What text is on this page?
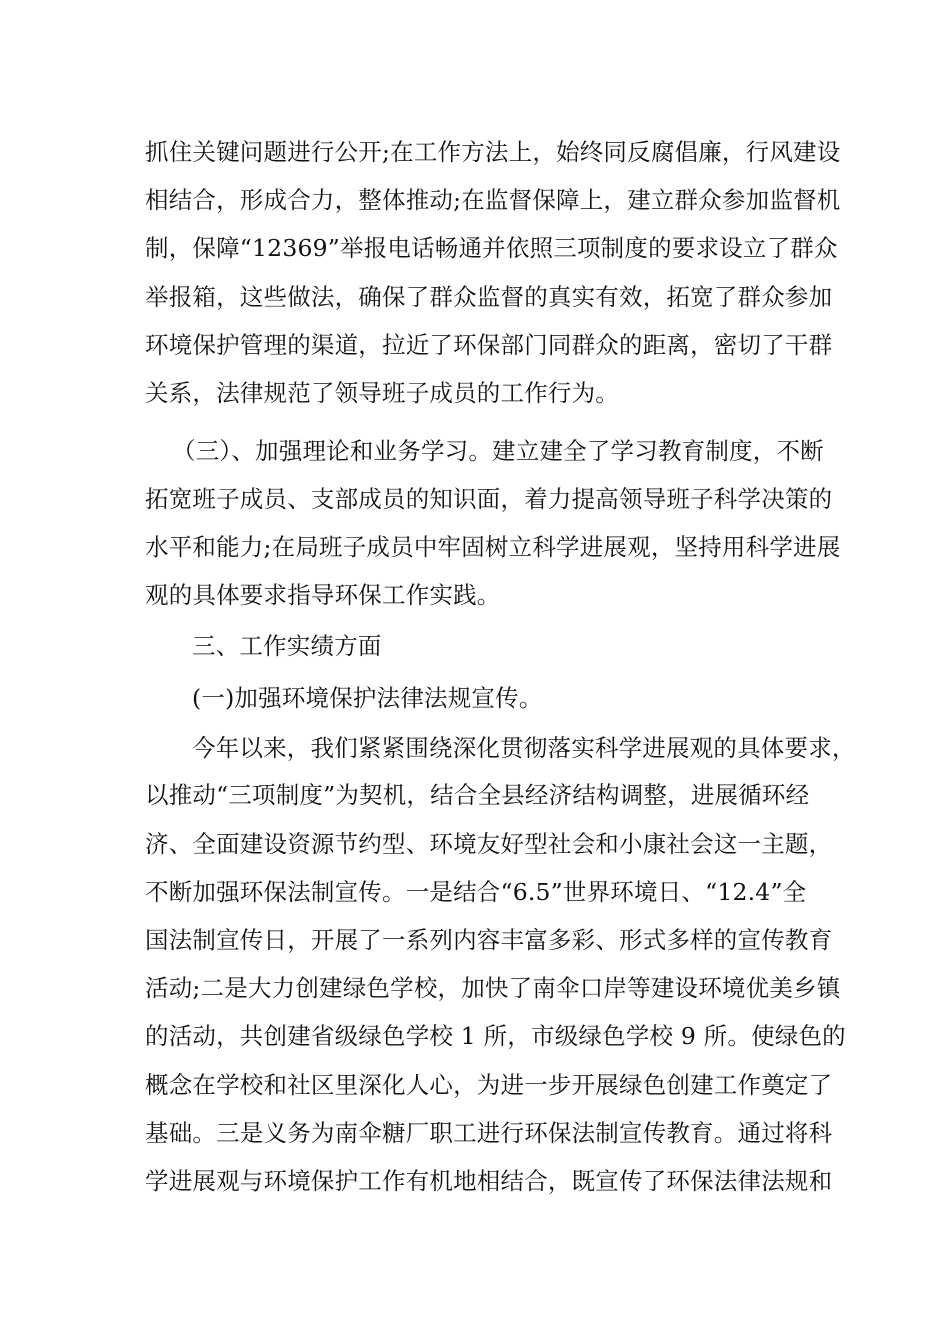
抓住关键问题进行公开;在工作方法上，始终同反腐倡廉，行风建设
相结合，形成合力，整体推动;在监督保障上，建立群众参加监督机
制，保障“12369”举报电话畅通并依照三项制度的要求设立了群众
举报箱，这些做法，确保了群众监督的真实有效，拓宽了群众参加
环境保护管理的渠道，拉近了环保部门同群众的距离，密切了干群
关系，法律规范了领导班子成员的工作行为。
（三）、加强理论和业务学习。建立建全了学习教育制度，不断
拓宽班子成员、支部成员的知识面，着力提高领导班子科学决策的
水平和能力;在局班子成员中牢固树立科学进展观，坚持用科学进展
观的具体要求指导环保工作实践。
三、工作实绩方面
(一)加强环境保护法律法规宣传。
今年以来，我们紧紧围绕深化贯彻落实科学进展观的具体要求，
以推动“三项制度”为契机，结合全县经济结构调整，进展循环经
济、全面建设资源节约型、环境友好型社会和小康社会这一主题，
不断加强环保法制宣传。一是结合“6.5”世界环境日、“12.4”全
国法制宣传日，开展了一系列内容丰富多彩、形式多样的宣传教育
活动;二是大力创建绿色学校，加快了南伞口岸等建设环境优美乡镇
的活动，共创建省级绿色学校 1 所，市级绿色学校 9 所。使绿色的
概念在学校和社区里深化人心，为进一步开展绿色创建工作奠定了
基础。三是义务为南伞糖厂职工进行环保法制宣传教育。通过将科
学进展观与环境保护工作有机地相结合，既宣传了环保法律法规和
